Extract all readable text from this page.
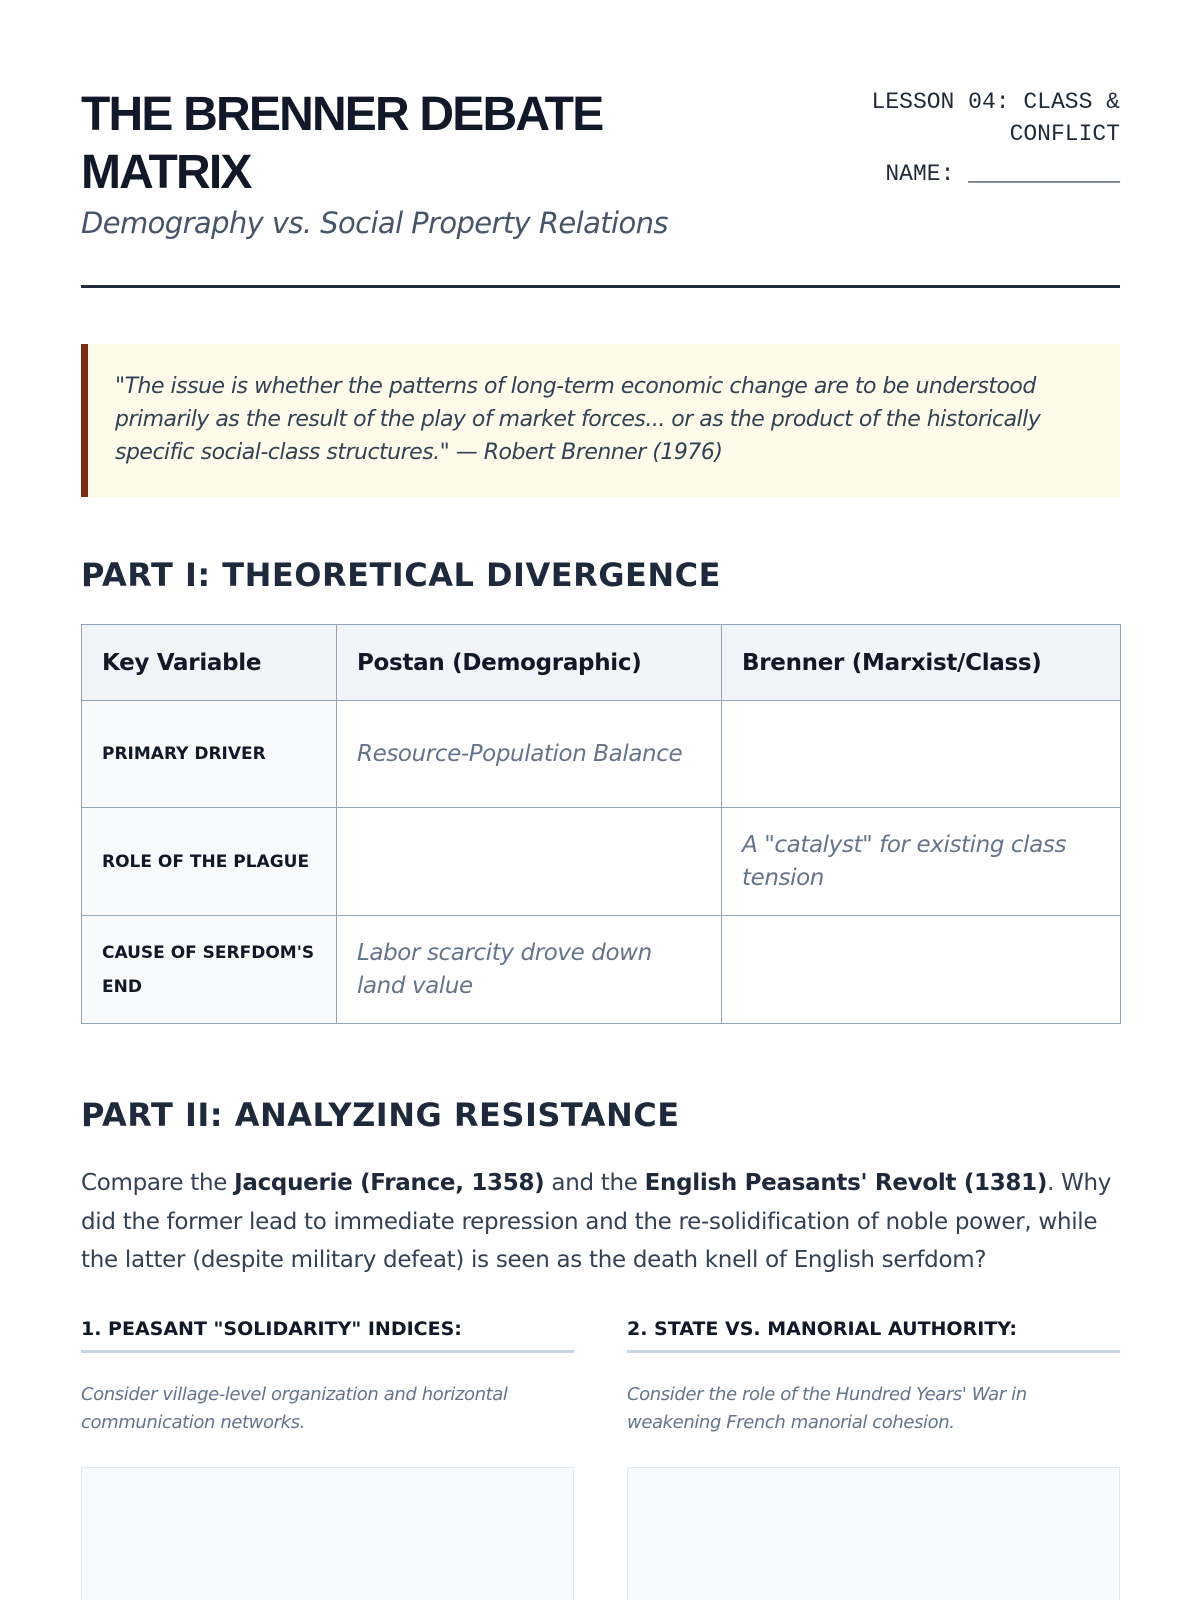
THE BRENNER DEBATE MATRIX
Demography vs. Social Property Relations
LESSON 04: CLASS & CONFLICT
NAME: ___________
"The issue is whether the patterns of long-term economic change are to be understood primarily as the result of the play of market forces... or as the product of the historically specific social-class structures." — Robert Brenner (1976)
PART I: THEORETICAL DIVERGENCE
Key Variable	Postan (Demographic)	Brenner (Marxist/Class)
PRIMARY DRIVER	Resource-Population Balance	
ROLE OF THE PLAGUE		A "catalyst" for existing class tension
CAUSE OF SERFDOM'S END	Labor scarcity drove down land value	
PART II: ANALYZING RESISTANCE

Compare the Jacquerie (France, 1358) and the English Peasants' Revolt (1381). Why did the former lead to immediate repression and the re-solidification of noble power, while the latter (despite military defeat) is seen as the death knell of English serfdom?

1. PEASANT "SOLIDARITY" INDICES:
Consider village-level organization and horizontal communication networks.
2. STATE VS. MANORIAL AUTHORITY:
Consider the role of the Hundred Years' War in weakening French manorial cohesion.
